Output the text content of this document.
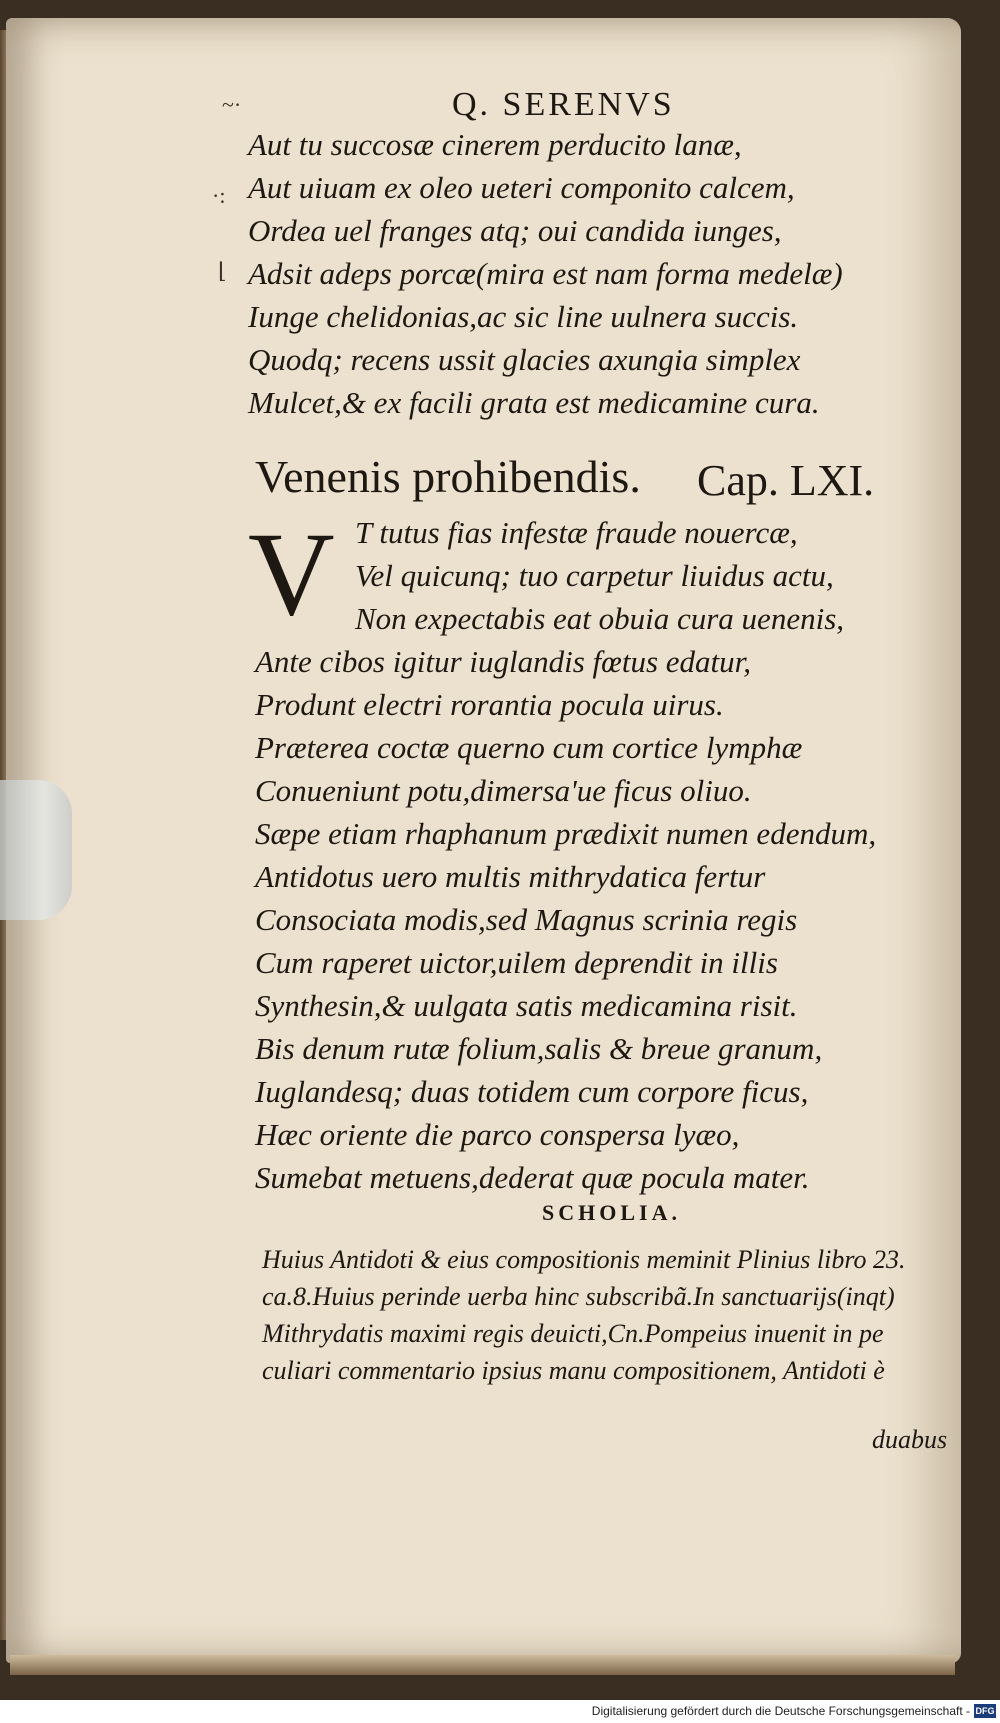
~·	Q. SERENVS
Aut tu succosæ cinerem perducito lanæ,
Aut uiuam ex oleo ueteri componito calcem,
Ordea uel franges atq; oui candida iunges,
Adsit adeps porcæ(mira est nam forma medelæ)
Iunge chelidonias,ac sic line uulnera succis.
Quodq; recens ussit glacies axungia simplex
Mulcet,& ex facili grata est medicamine cura.
·:
⌊
Venenis prohibendis. Cap. LXI.
V T tutus fias infestæ fraude nouercæ,
Vel quicunq; tuo carpetur liuidus actu,
Non expectabis eat obuia cura uenenis,
Ante cibos igitur iuglandis fœtus edatur,
Produnt electri rorantia pocula uirus.
Præterea coctæ querno cum cortice lymphæ
Conueniunt potu,dimersa'ue ficus oliuo.
Sæpe etiam rhaphanum prædixit numen edendum,
Antidotus uero multis mithrydatica fertur
Consociata modis,sed Magnus scrinia regis
Cum raperet uictor,uilem deprendit in illis
Synthesin,& uulgata satis medicamina risit.
Bis denum rutæ folium,salis & breue granum,
Iuglandesq; duas totidem cum corpore ficus,
Hæc oriente die parco conspersa lyæo,
Sumebat metuens,dederat quæ pocula mater.
SCHOLIA.
Huius Antidoti & eius compositionis meminit Plinius libro 23.
ca.8.Huius perinde uerba hinc subscribã.In sanctuarijs(inqt)
Mithrydatis maximi regis deuicti,Cn.Pompeius inuenit in pe
culiari commentario ipsius manu compositionem, Antidoti è
duabus
Digitalisierung gefördert durch die Deutsche Forschungsgemeinschaft - DFG
